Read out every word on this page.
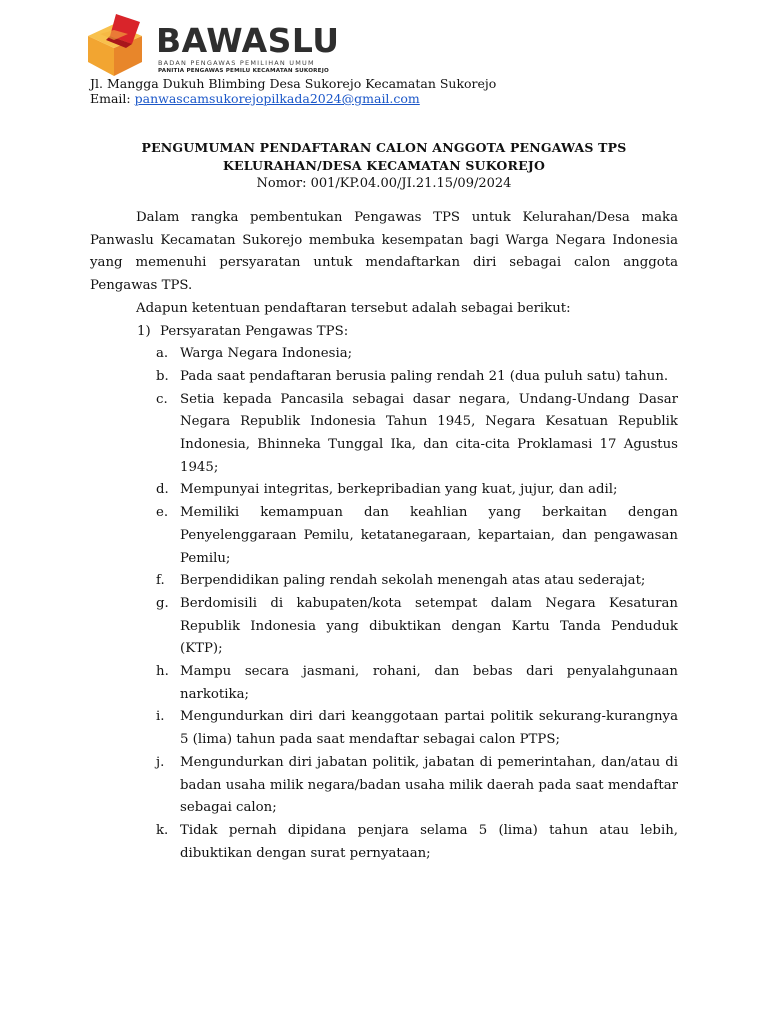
BAWASLU
BADAN PENGAWAS PEMILIHAN UMUM
PANITIA PENGAWAS PEMILU KECAMATAN SUKOREJO
Jl. Mangga Dukuh Blimbing Desa Sukorejo Kecamatan Sukorejo
Email: panwascamsukorejopilkada2024@gmail.com
PENGUMUMAN PENDAFTARAN CALON ANGGOTA PENGAWAS TPS
KELURAHAN/DESA KECAMATAN SUKOREJO
Nomor: 001/KP.04.00/JI.21.15/09/2024

Dalam rangka pembentukan Pengawas TPS untuk Kelurahan/Desa maka Panwaslu Kecamatan Sukorejo membuka kesempatan bagi Warga Negara Indonesia yang memenuhi persyaratan untuk mendaftarkan diri sebagai calon anggota Pengawas TPS.

Adapun ketentuan pendaftaran tersebut adalah sebagai berikut:

1) Persyaratan Pengawas TPS:
a. Warga Negara Indonesia;
b. Pada saat pendaftaran berusia paling rendah 21 (dua puluh satu) tahun.
c. Setia kepada Pancasila sebagai dasar negara, Undang-Undang Dasar Negara Republik Indonesia Tahun 1945, Negara Kesatuan Republik Indonesia, Bhinneka Tunggal Ika, dan cita-cita Proklamasi 17 Agustus 1945;
d. Mempunyai integritas, berkepribadian yang kuat, jujur, dan adil;
e. Memiliki kemampuan dan keahlian yang berkaitan dengan Penyelenggaraan Pemilu, ketatanegaraan, kepartaian, dan pengawasan Pemilu;
f.	Berpendidikan paling rendah sekolah menengah atas atau sederajat;
g. Berdomisili di kabupaten/kota setempat dalam Negara Kesaturan Republik Indonesia yang dibuktikan dengan Kartu Tanda Penduduk (KTP);
h. Mampu secara jasmani, rohani, dan bebas dari penyalahgunaan narkotika;
i.	Mengundurkan diri dari keanggotaan partai politik sekurang-kurangnya 5 (lima) tahun pada saat mendaftar sebagai calon PTPS;
j.	Mengundurkan diri jabatan politik, jabatan di pemerintahan, dan/atau di badan usaha milik negara/badan usaha milik daerah pada saat mendaftar sebagai calon;
k. Tidak pernah dipidana penjara selama 5 (lima) tahun atau lebih, dibuktikan dengan surat pernyataan;
